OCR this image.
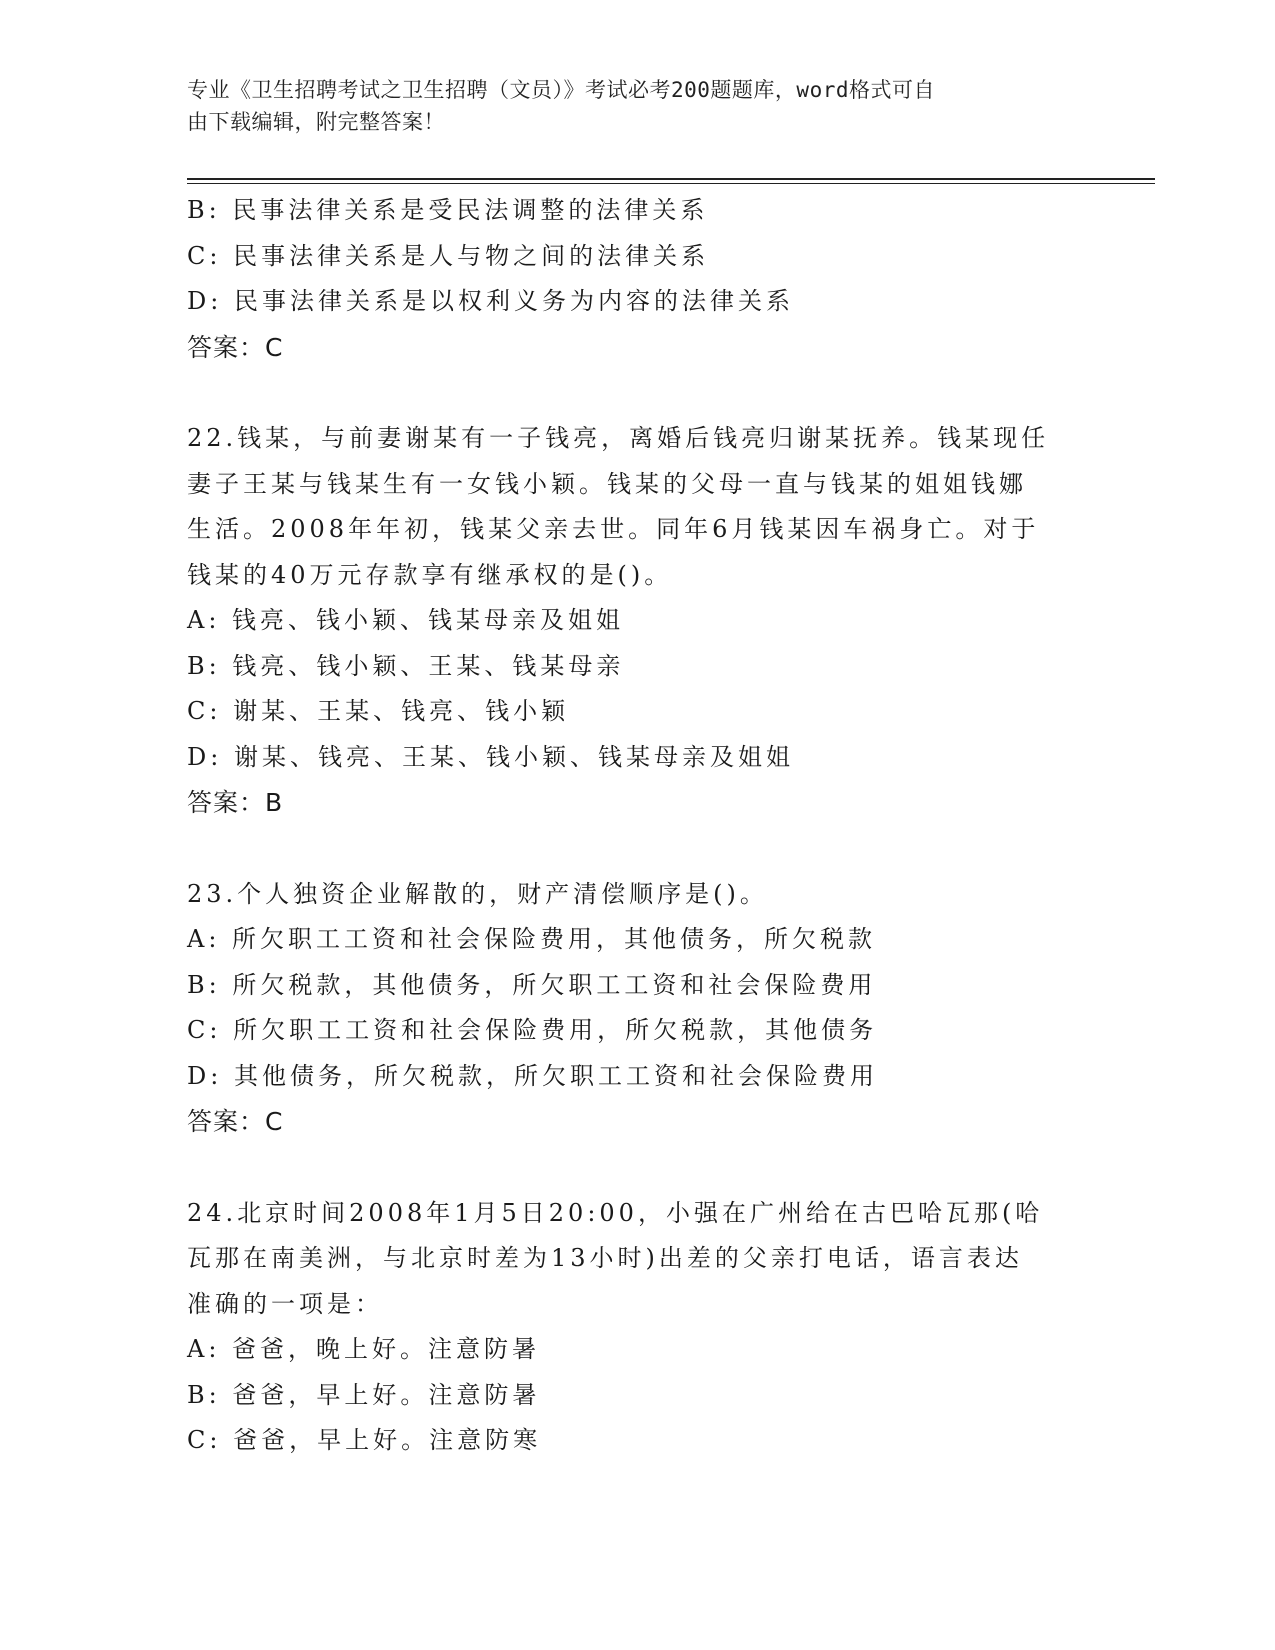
专业《卫生招聘考试之卫生招聘（文员）》考试必考200题题库，word格式可自
由下载编辑，附完整答案！
B: 民事法律关系是受民法调整的法律关系
C: 民事法律关系是人与物之间的法律关系
D: 民事法律关系是以权利义务为内容的法律关系
答案：C
22.钱某，与前妻谢某有一子钱亮，离婚后钱亮归谢某抚养。钱某现任
妻子王某与钱某生有一女钱小颖。钱某的父母一直与钱某的姐姐钱娜
生活。2008年年初，钱某父亲去世。同年6月钱某因车祸身亡。对于
钱某的40万元存款享有继承权的是()。
A: 钱亮、钱小颖、钱某母亲及姐姐
B: 钱亮、钱小颖、王某、钱某母亲
C: 谢某、王某、钱亮、钱小颖
D: 谢某、钱亮、王某、钱小颖、钱某母亲及姐姐
答案：B
23.个人独资企业解散的，财产清偿顺序是()。
A: 所欠职工工资和社会保险费用，其他债务，所欠税款
B: 所欠税款，其他债务，所欠职工工资和社会保险费用
C: 所欠职工工资和社会保险费用，所欠税款，其他债务
D: 其他债务，所欠税款，所欠职工工资和社会保险费用
答案：C
24.北京时间2008年1月5日20:00，小强在广州给在古巴哈瓦那(哈
瓦那在南美洲，与北京时差为13小时)出差的父亲打电话，语言表达
准确的一项是：
A: 爸爸，晚上好。注意防暑
B: 爸爸，早上好。注意防暑
C: 爸爸，早上好。注意防寒
